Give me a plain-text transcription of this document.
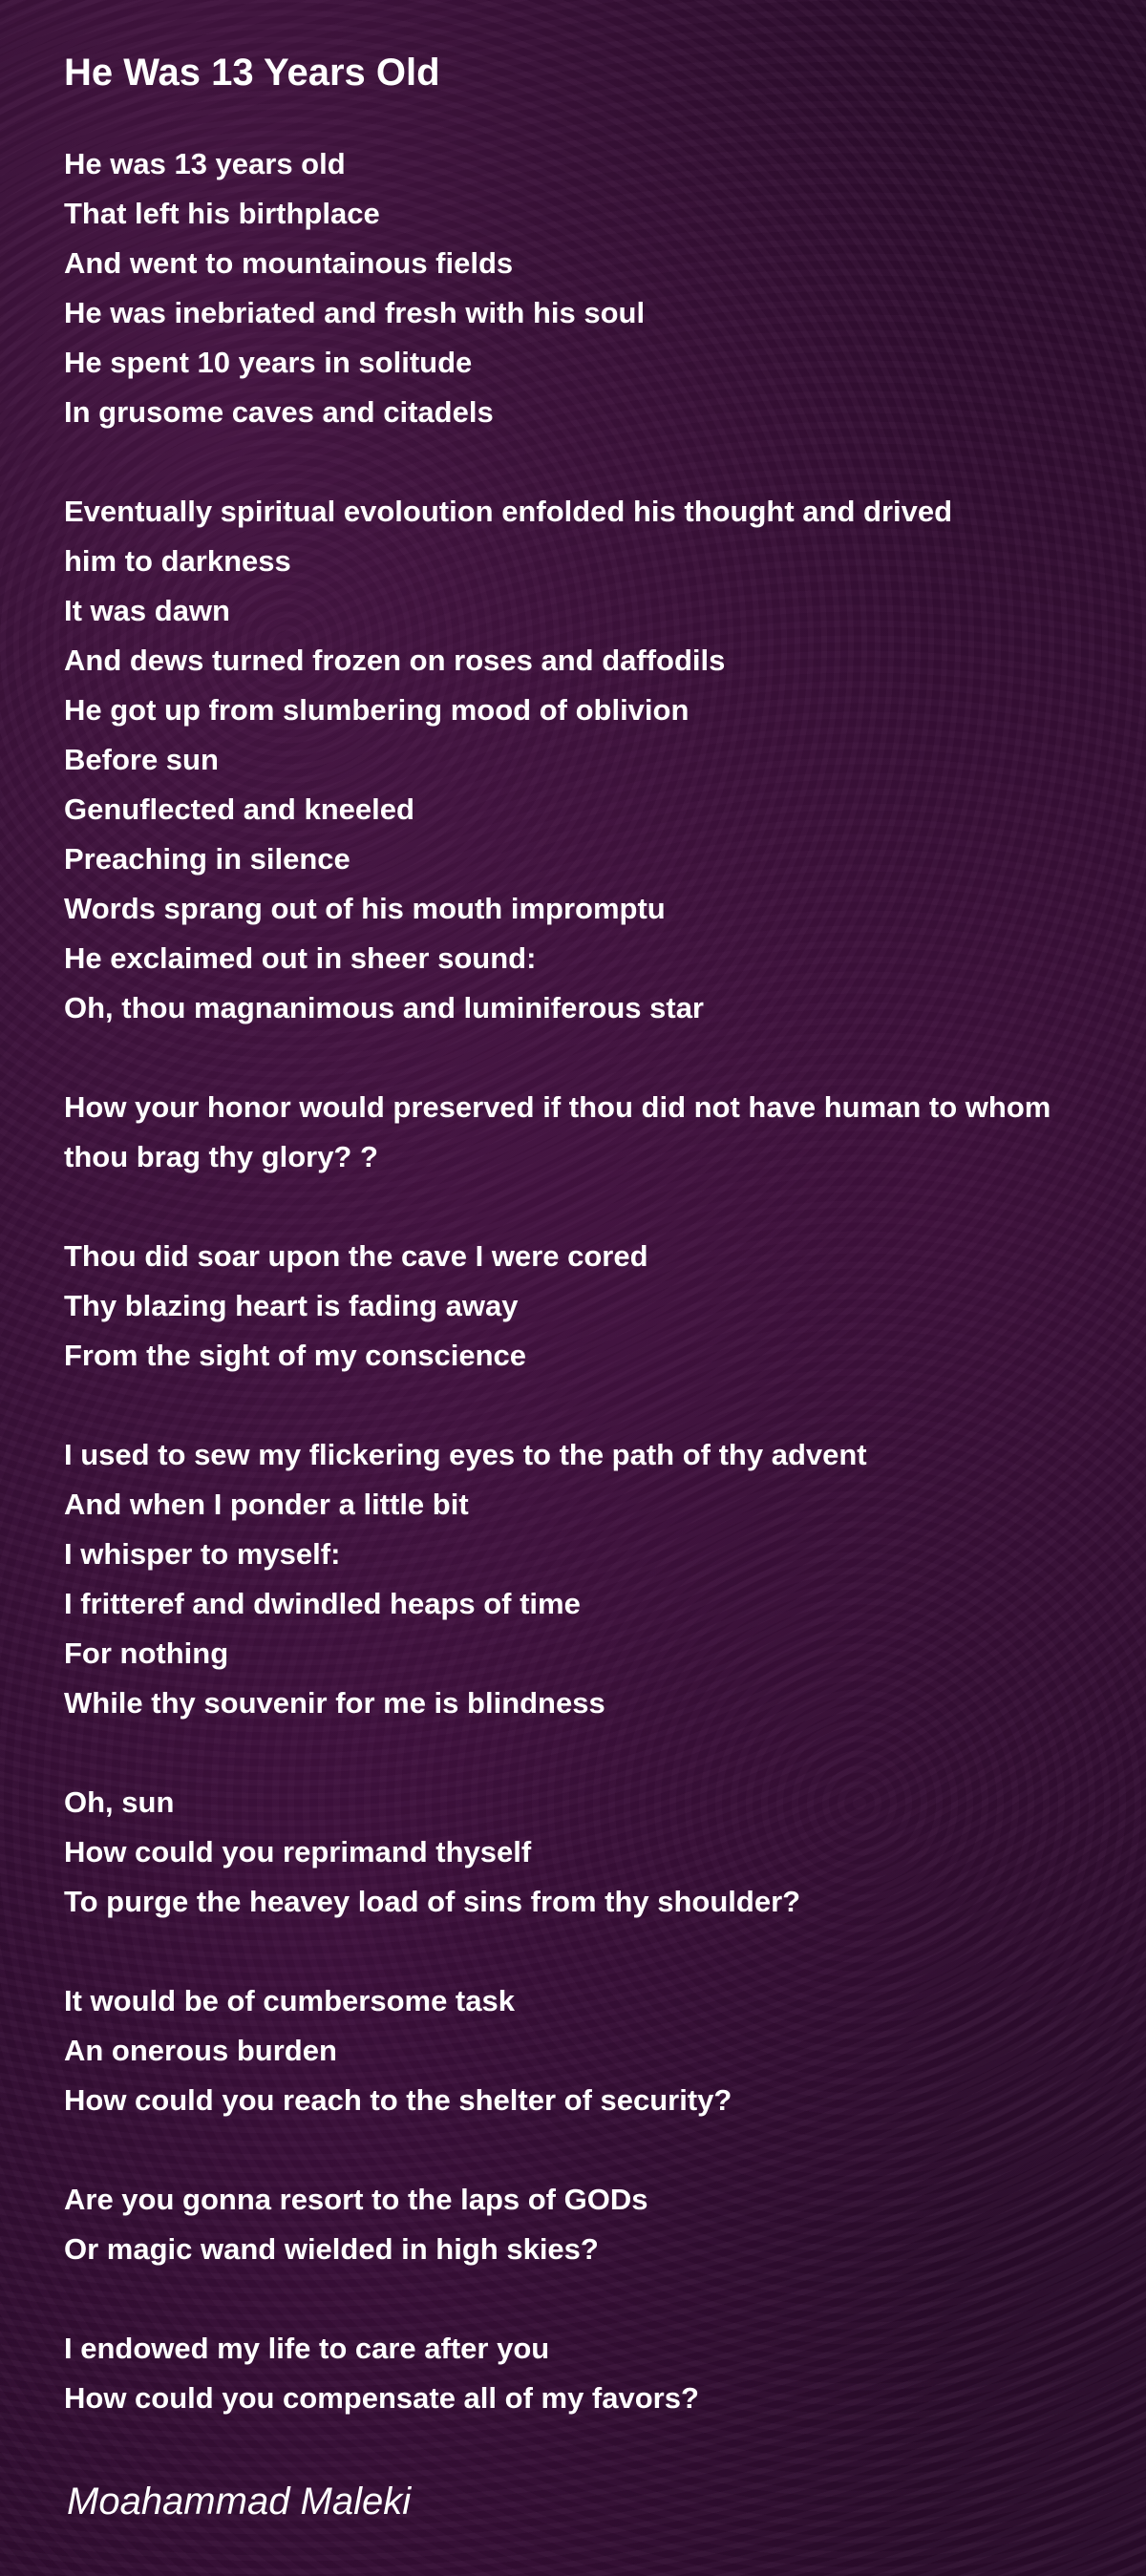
He Was 13 Years Old
He was 13 years old
That left his birthplace
And went to mountainous fields
He was inebriated and fresh with his soul
He spent 10 years in solitude
In grusome caves and citadels
Eventually spiritual evoloution enfolded his thought and drived
him to darkness
It was dawn
And dews turned frozen on roses and daffodils
He got up from slumbering mood of oblivion
Before sun
Genuflected and kneeled
Preaching in silence
Words sprang out of his mouth impromptu
He exclaimed out in sheer sound:
Oh, thou magnanimous and luminiferous star
How your honor would preserved if thou did not have human to whom
thou brag thy glory? ?
Thou did soar upon the cave I were cored
Thy blazing heart is fading away
From the sight of my conscience
I used to sew my flickering eyes to the path of thy advent
And when I ponder a little bit
I whisper to myself:
I fritteref and dwindled heaps of time
For nothing
While thy souvenir for me is blindness
Oh, sun
How could you reprimand thyself
To purge the heavey load of sins from thy shoulder?
It would be of cumbersome task
An onerous burden
How could you reach to the shelter of security?
Are you gonna resort to the laps of GODs
Or magic wand wielded in high skies?
I endowed my life to care after you
How could you compensate all of my favors?
Moahammad Maleki
